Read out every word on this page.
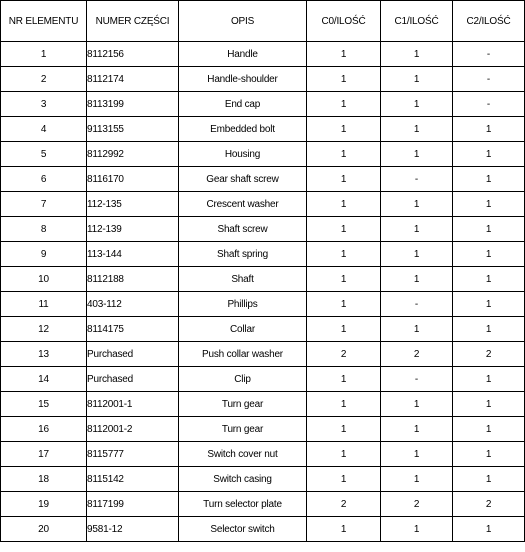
NR ELEMENTU	NUMER CZĘŚCI	OPIS	C0/ILOŚĆ	C1/ILOŚĆ	C2/ILOŚĆ
1	8112156	Handle	1	1	-
2	8112174	Handle-shoulder	1	1	-
3	8113199	End cap	1	1	-
4	9113155	Embedded bolt	1	1	1
5	8112992	Housing	1	1	1
6	8116170	Gear shaft screw	1	-	1
7	112-135	Crescent washer	1	1	1
8	112-139	Shaft screw	1	1	1
9	113-144	Shaft spring	1	1	1
10	8112188	Shaft	1	1	1
11	403-112	Phillips	1	-	1
12	8114175	Collar	1	1	1
13	Purchased	Push collar washer	2	2	2
14	Purchased	Clip	1	-	1
15	8112001-1	Turn gear	1	1	1
16	8112001-2	Turn gear	1	1	1
17	8115777	Switch cover nut	1	1	1
18	8115142	Switch casing	1	1	1
19	8117199	Turn selector plate	2	2	2
20	9581-12	Selector switch	1	1	1
